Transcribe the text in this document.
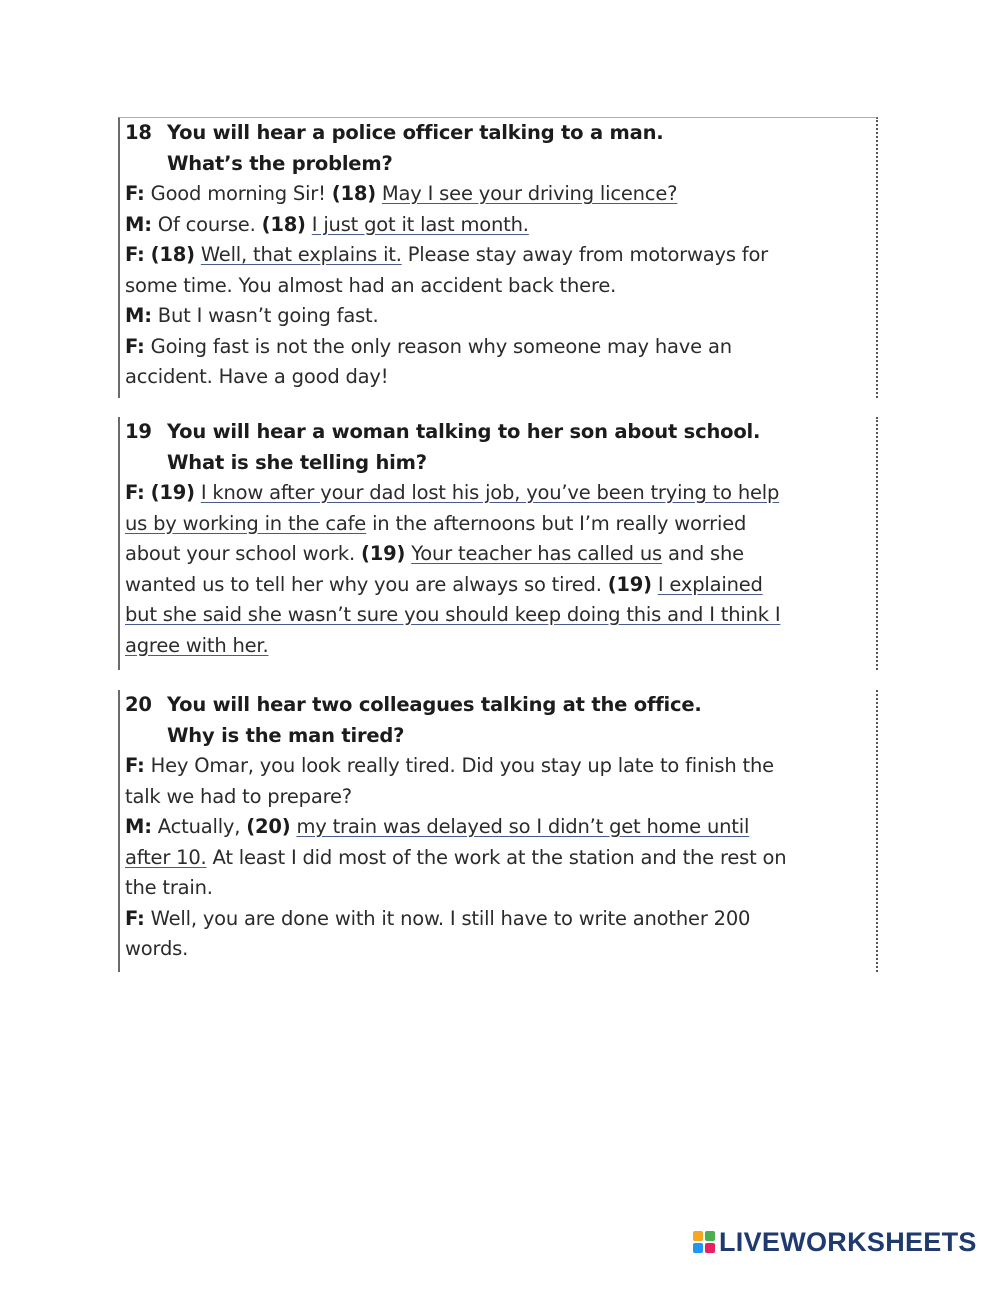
18 You will hear a police officer talking to a man.
What’s the problem?
F: Good morning Sir! (18) May I see your driving licence?
M: Of course. (18) I just got it last month.
F: (18) Well, that explains it. Please stay away from motorways for
some time. You almost had an accident back there.
M: But I wasn’t going fast.
F: Going fast is not the only reason why someone may have an
accident. Have a good day!
19 You will hear a woman talking to her son about school.
What is she telling him?
F: (19) I know after your dad lost his job, you’ve been trying to help
us by working in the cafe in the afternoons but I’m really worried
about your school work. (19) Your teacher has called us and she
wanted us to tell her why you are always so tired. (19) I explained
but she said she wasn’t sure you should keep doing this and I think I
agree with her.
20 You will hear two colleagues talking at the office.
Why is the man tired?
F: Hey Omar, you look really tired. Did you stay up late to finish the
talk we had to prepare?
M: Actually, (20) my train was delayed so I didn’t get home until
after 10. At least I did most of the work at the station and the rest on
the train.
F: Well, you are done with it now. I still have to write another 200
words.
LIVEWORKSHEETS
